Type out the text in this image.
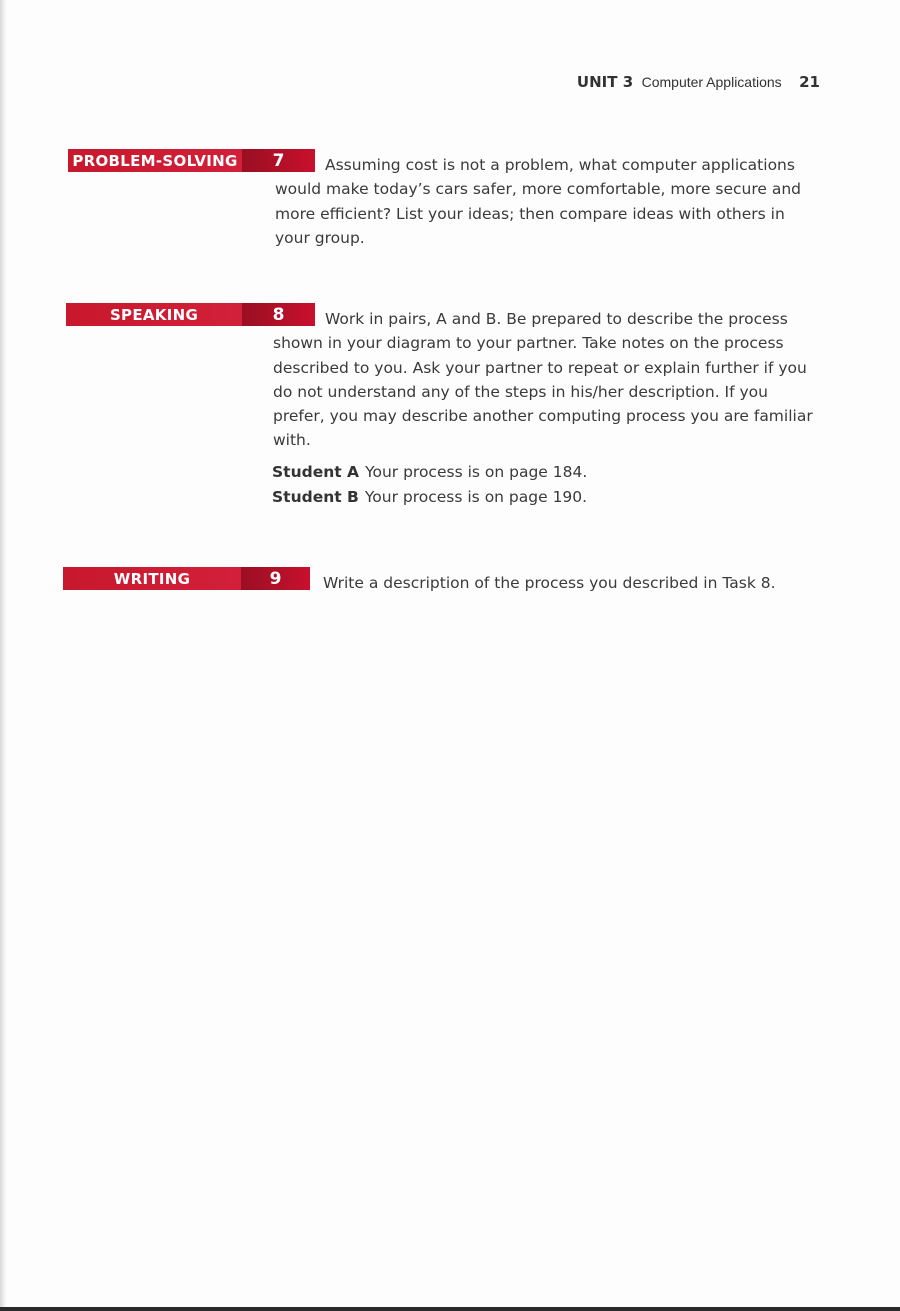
UNIT 3 Computer Applications 21
PROBLEM-SOLVING	7	Assuming cost is not a problem, what computer applications would make today’s cars safer, more comfortable, more secure and more efficient? List your ideas; then compare ideas with others in your group.

SPEAKING	8	Work in pairs, A and B. Be prepared to describe the process shown in your diagram to your partner. Take notes on the process described to you. Ask your partner to repeat or explain further if you do not understand any of the steps in his/her description. If you prefer, you may describe another computing process you are familiar with.

Student A Your process is on page 184.
Student B Your process is on page 190.
WRITING	9	Write a description of the process you described in Task 8.
